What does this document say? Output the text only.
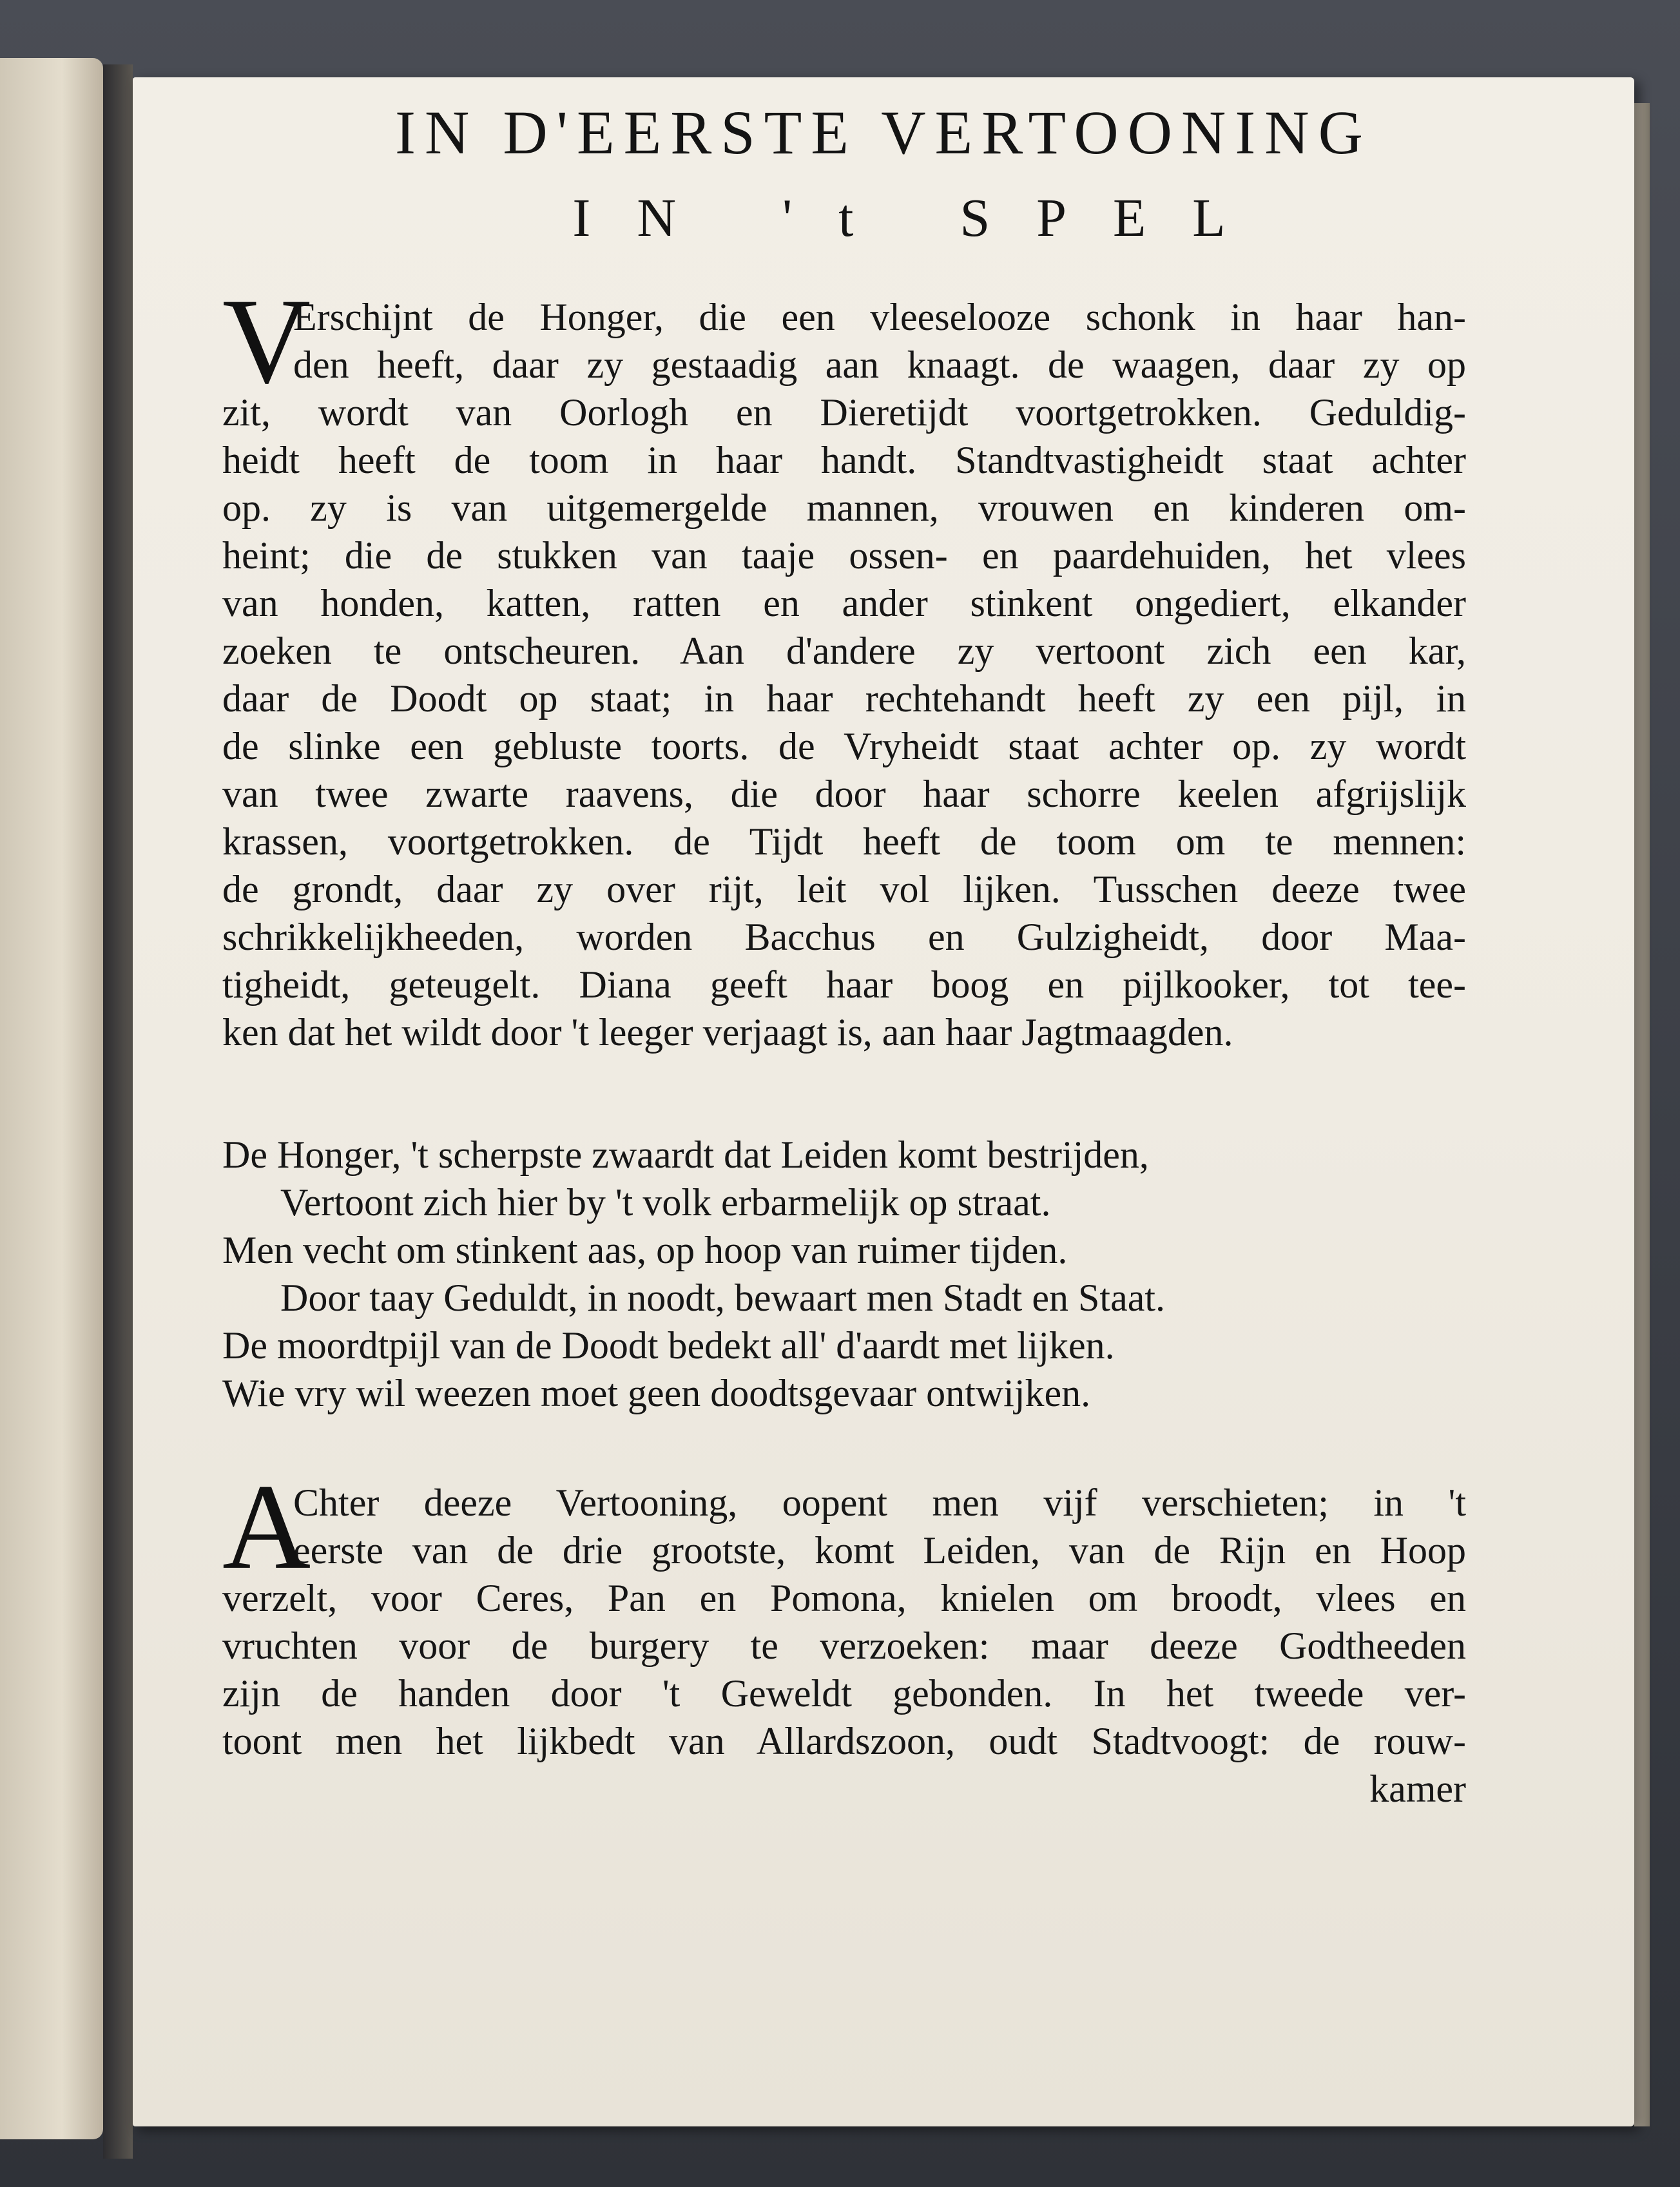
IN D'EERSTE VERTOONING
IN 't SPEL
V
Erschijnt de Honger, die een vleeselooze schonk in haar han-
den heeft, daar zy gestaadig aan knaagt. de waagen, daar zy op
zit, wordt van Oorlogh en Dieretijdt voortgetrokken. Geduldig-
heidt heeft de toom in haar handt. Standtvastigheidt staat achter
op. zy is van uitgemergelde mannen, vrouwen en kinderen om-
heint; die de stukken van taaje ossen- en paardehuiden, het vlees
van honden, katten, ratten en ander stinkent ongediert, elkander
zoeken te ontscheuren. Aan d'andere zy vertoont zich een kar,
daar de Doodt op staat; in haar rechtehandt heeft zy een pijl, in
de slinke een gebluste toorts. de Vryheidt staat achter op. zy wordt
van twee zwarte raavens, die door haar schorre keelen afgrijslijk
krassen, voortgetrokken. de Tijdt heeft de toom om te mennen:
de grondt, daar zy over rijt, leit vol lijken. Tusschen deeze twee
schrikkelijkheeden, worden Bacchus en Gulzigheidt, door Maa-
tigheidt, geteugelt. Diana geeft haar boog en pijlkooker, tot tee-
ken dat het wildt door 't leeger verjaagt is, aan haar Jagtmaagden.
De Honger, 't scherpste zwaardt dat Leiden komt bestrijden,
Vertoont zich hier by 't volk erbarmelijk op straat.
Men vecht om stinkent aas, op hoop van ruimer tijden.
Door taay Geduldt, in noodt, bewaart men Stadt en Staat.
De moordtpijl van de Doodt bedekt all' d'aardt met lijken.
Wie vry wil weezen moet geen doodtsgevaar ontwijken.
A
Chter deeze Vertooning, oopent men vijf verschieten; in 't
eerste van de drie grootste, komt Leiden, van de Rijn en Hoop
verzelt, voor Ceres, Pan en Pomona, knielen om broodt, vlees en
vruchten voor de burgery te verzoeken: maar deeze Godtheeden
zijn de handen door 't Geweldt gebonden. In het tweede ver-
toont men het lijkbedt van Allardszoon, oudt Stadtvoogt: de rouw-
kamer
